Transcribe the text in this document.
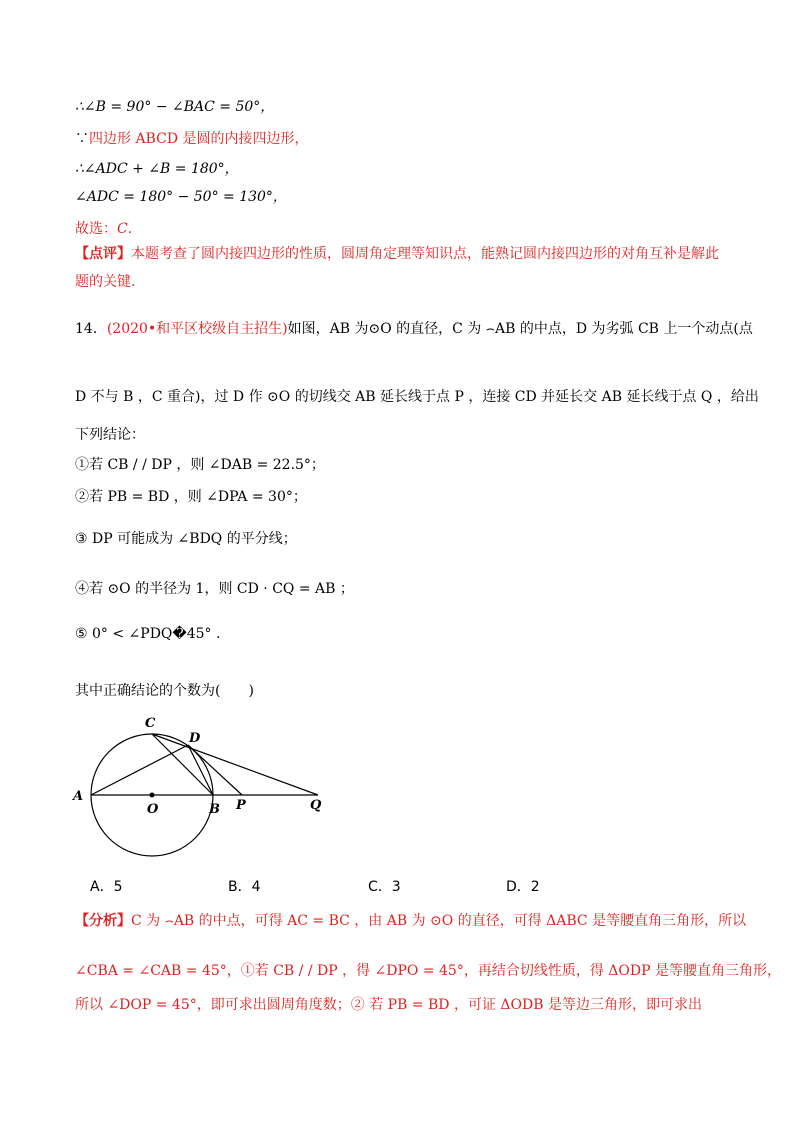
∴∠B = 90° − ∠BAC = 50°，
∵四边形 ABCD 是圆的内接四边形，
∴∠ADC + ∠B = 180°，
∠ADC = 180° − 50° = 130°，
故选：C.
【点评】本题考查了圆内接四边形的性质，圆周角定理等知识点，能熟记圆内接四边形的对角互补是解此
题的关键.
14．(2020•和平区校级自主招生)如图，AB 为⊙O 的直径，C 为 ⌢AB 的中点，D 为劣弧 CB 上一个动点(点
D 不与 B ，C 重合)，过 D 作 ⊙O 的切线交 AB 延长线于点 P ，连接 CD 并延长交 AB 延长线于点 Q ，给出
下列结论：
①若 CB / / DP ，则 ∠DAB = 22.5°；
②若 PB = BD ，则 ∠DPA = 30°；
③ DP 可能成为 ∠BDQ 的平分线；
④若 ⊙O 的半径为 1，则 CD · CQ = AB ；
⑤ 0° < ∠PDQ�45° .
其中正确结论的个数为(　　)
A
O	B P	Q
C
D
A．5	B．4	C．3	D．2
【分析】C 为 ⌢AB 的中点，可得 AC = BC ，由 AB 为 ⊙O 的直径，可得 ΔABC 是等腰直角三角形，所以
∠CBA = ∠CAB = 45°，①若 CB / / DP ，得 ∠DPO = 45°，再结合切线性质，得 ΔODP 是等腰直角三角形，
所以 ∠DOP = 45°，即可求出圆周角度数；② 若 PB = BD ，可证 ΔODB 是等边三角形，即可求出
